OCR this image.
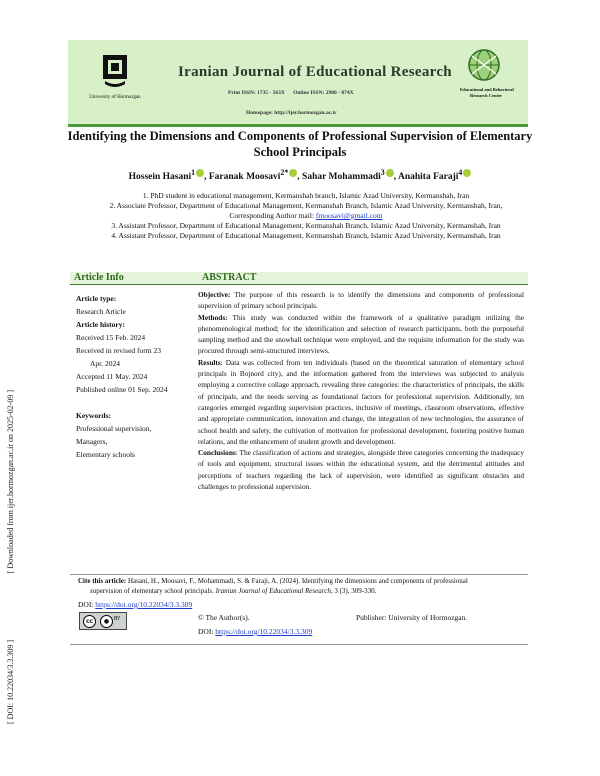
[ Downloaded from ijer.hormozgan.ac.ir on 2025-02-09 ]
[ DOI: 10.22034/3.3.309 ]
University of Hormozgan
Iranian Journal of Educational Research
Print ISSN: 1735 - 563X Online ISSN: 2980 - 874X
Homepage: http://ijer.hormozgan.ac.ir
Educational and Behavioral
Research Center
Identifying the Dimensions and Components of Professional Supervision of Elementary School Principals
Hossein Hasani$^1$ , Faranak Moosavi$^{2*}$ , Sahar Mohammadi$^3$ , Anahita Faraji$^4$
1. PhD student in educational management, Kermanshah branch, Islamic Azad University, Kermanshah, Iran
2. Associate Professor, Department of Educational Management, Kermanshah Branch, Islamic Azad University, Kermanshah, Iran, Corresponding Author mail: fmoosavi@gmail.com
3. Assistant Professor, Department of Educational Management, Kermanshah Branch, Islamic Azad University, Kermanshah, Iran
4. Assistant Professor, Department of Educational Management, Kermanshah Branch, Islamic Azad University, Kermanshah, Iran
Article Info	ABSTRACT
Article type:
Research Article
Article history:
Received 15 Feb. 2024
Received in revised form 23
Apr. 2024
Accepted 11 May. 2024
Published online 01 Sep. 2024
Keywords:
Professional supervision,
Managers,
Elementary schools

Objective: The purpose of this research is to identify the dimensions and components of professional supervision of primary school principals.

Methods: This study was conducted within the framework of a qualitative paradigm utilizing the phenomenological method; for the identification and selection of research participants, both the purposeful sampling method and the snowball technique were employed, and the requisite information for the study was procured through semi-structured interviews.

Results: Data was collected from ten individuals (based on the theoretical saturation of elementary school principals in Bojnord city), and the information gathered from the interviews was subjected to analysis employing a corrective collage approach, revealing three categories: the characteristics of principals, the skills of principals, and the needs serving as foundational factors for professional supervision. Additionally, ten categories emerged regarding supervision practices, inclusive of meetings, classroom observations, effective and appropriate communication, innovation and change, the integration of new technologies, the assurance of school health and safety, the cultivation of motivation for professional development, fostering positive human relations, and the enhancement of student growth and development.

Conclusions: The classification of actions and strategies, alongside three categories concerning the inadequacy of tools and equipment, structural issues within the educational system, and the detrimental attitudes and perceptions of teachers regarding the lack of supervision, were identified as significant obstacles and challenges to professional supervision.

Cite this article: Hasani, H., Moosavi, F., Mohammadi, S. & Faraji, A. (2024). Identifying the dimensions and components of professional
supervision of elementary school principals. Iranian Journal of Educational Research, 3 (3), 309-330.
DOI: https://doi.org/10.22034/3.3.309
cc	● BY	© The Author(s).	Publisher: University of Hormozgan.
DOI: https://doi.org/10.22034/3.3.309
